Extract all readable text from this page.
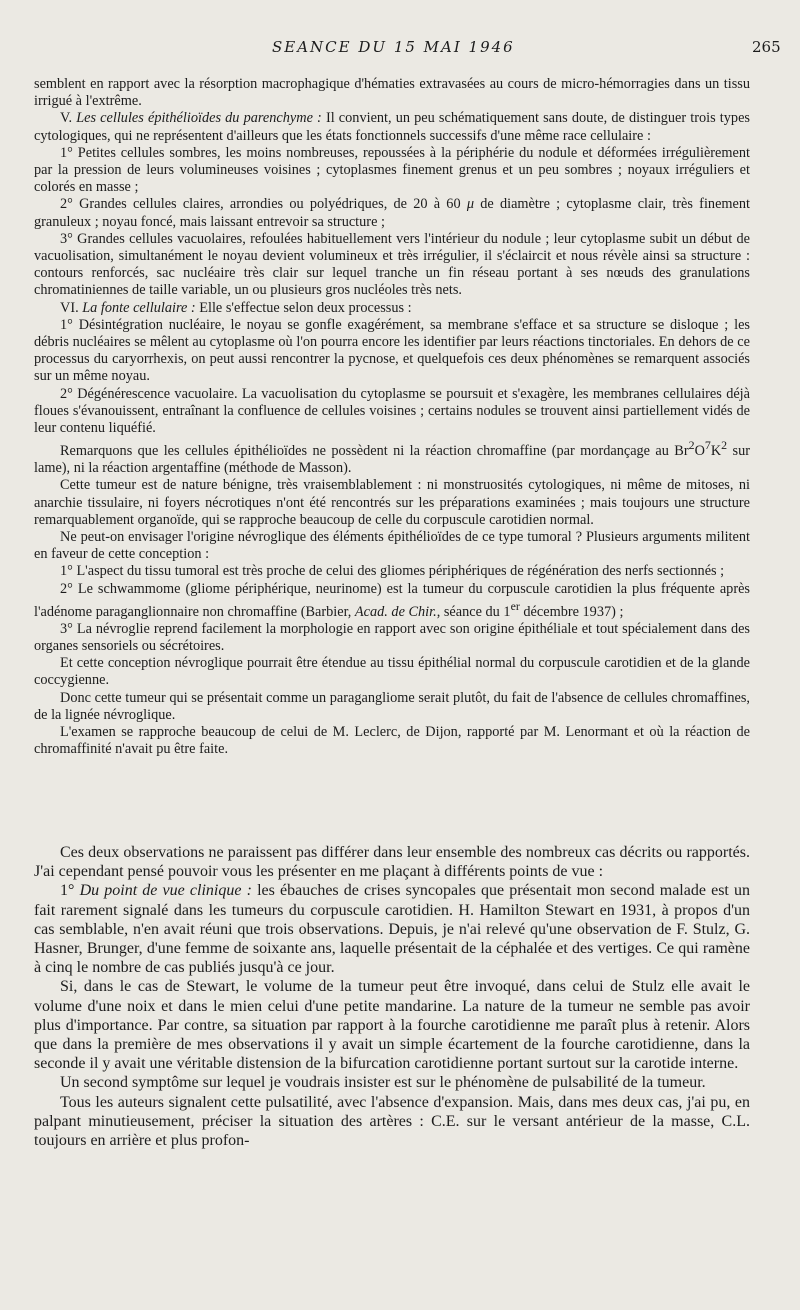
SEANCE DU 15 MAI 1946	265

semblent en rapport avec la résorption macrophagique d'hématies extravasées au cours de micro-hémorragies dans un tissu irrigué à l'extrême.

V. Les cellules épithélioïdes du parenchyme : Il convient, un peu schématiquement sans doute, de distinguer trois types cytologiques, qui ne représentent d'ailleurs que les états fonctionnels successifs d'une même race cellulaire :

1° Petites cellules sombres, les moins nombreuses, repoussées à la périphérie du nodule et déformées irrégulièrement par la pression de leurs volumineuses voisines ; cytoplasmes finement grenus et un peu sombres ; noyaux irréguliers et colorés en masse ;

2° Grandes cellules claires, arrondies ou polyédriques, de 20 à 60 μ de diamètre ; cytoplasme clair, très finement granuleux ; noyau foncé, mais laissant entrevoir sa structure ;

3° Grandes cellules vacuolaires, refoulées habituellement vers l'intérieur du nodule ; leur cytoplasme subit un début de vacuolisation, simultanément le noyau devient volumineux et très irrégulier, il s'éclaircit et nous révèle ainsi sa structure : contours renforcés, sac nucléaire très clair sur lequel tranche un fin réseau portant à ses nœuds des granulations chromatiniennes de taille variable, un ou plusieurs gros nucléoles très nets.

VI. La fonte cellulaire : Elle s'effectue selon deux processus :

1° Désintégration nucléaire, le noyau se gonfle exagérément, sa membrane s'efface et sa structure se disloque ; les débris nucléaires se mêlent au cytoplasme où l'on pourra encore les identifier par leurs réactions tinctoriales. En dehors de ce processus du caryorrhexis, on peut aussi rencontrer la pycnose, et quelquefois ces deux phénomènes se remarquent associés sur un même noyau.

2° Dégénérescence vacuolaire. La vacuolisation du cytoplasme se poursuit et s'exagère, les membranes cellulaires déjà floues s'évanouissent, entraînant la confluence de cellules voisines ; certains nodules se trouvent ainsi partiellement vidés de leur contenu liquéfié.

Remarquons que les cellules épithélioïdes ne possèdent ni la réaction chromaffine (par mordançage au $Br^2O^7K^2$ sur lame), ni la réaction argentaffine (méthode de Masson).

Cette tumeur est de nature bénigne, très vraisemblablement : ni monstruosités cytologiques, ni même de mitoses, ni anarchie tissulaire, ni foyers nécrotiques n'ont été rencontrés sur les préparations examinées ; mais toujours une structure remarquablement organoïde, qui se rapproche beaucoup de celle du corpuscule carotidien normal.

Ne peut-on envisager l'origine névroglique des éléments épithélioïdes de ce type tumoral ? Plusieurs arguments militent en faveur de cette conception :

1° L'aspect du tissu tumoral est très proche de celui des gliomes périphériques de régénération des nerfs sectionnés ;

2° Le schwammome (gliome périphérique, neurinome) est la tumeur du corpuscule carotidien la plus fréquente après l'adénome paraganglionnaire non chromaffine (Barbier, Acad. de Chir., séance du 1er décembre 1937) ;

3° La névroglie reprend facilement la morphologie en rapport avec son origine épithéliale et tout spécialement dans des organes sensoriels ou sécrétoires.

Et cette conception névroglique pourrait être étendue au tissu épithélial normal du corpuscule carotidien et de la glande coccygienne.

Donc cette tumeur qui se présentait comme un paragangliome serait plutôt, du fait de l'absence de cellules chromaffines, de la lignée névroglique.

L'examen se rapproche beaucoup de celui de M. Leclerc, de Dijon, rapporté par M. Lenormant et où la réaction de chromaffinité n'avait pu être faite.

Ces deux observations ne paraissent pas différer dans leur ensemble des nombreux cas décrits ou rapportés. J'ai cependant pensé pouvoir vous les présenter en me plaçant à différents points de vue :

1° Du point de vue clinique : les ébauches de crises syncopales que présentait mon second malade est un fait rarement signalé dans les tumeurs du corpuscule carotidien. H. Hamilton Stewart en 1931, à propos d'un cas semblable, n'en avait réuni que trois observations. Depuis, je n'ai relevé qu'une observation de F. Stulz, G. Hasner, Brunger, d'une femme de soixante ans, laquelle présentait de la céphalée et des vertiges. Ce qui ramène à cinq le nombre de cas publiés jusqu'à ce jour.

Si, dans le cas de Stewart, le volume de la tumeur peut être invoqué, dans celui de Stulz elle avait le volume d'une noix et dans le mien celui d'une petite mandarine. La nature de la tumeur ne semble pas avoir plus d'importance. Par contre, sa situation par rapport à la fourche carotidienne me paraît plus à retenir. Alors que dans la première de mes observations il y avait un simple écartement de la fourche carotidienne, dans la seconde il y avait une véritable distension de la bifurcation carotidienne portant surtout sur la carotide interne.

Un second symptôme sur lequel je voudrais insister est sur le phénomène de pulsabilité de la tumeur.

Tous les auteurs signalent cette pulsatilité, avec l'absence d'expansion. Mais, dans mes deux cas, j'ai pu, en palpant minutieusement, préciser la situation des artères : C.E. sur le versant antérieur de la masse, C.L. toujours en arrière et plus profon-
